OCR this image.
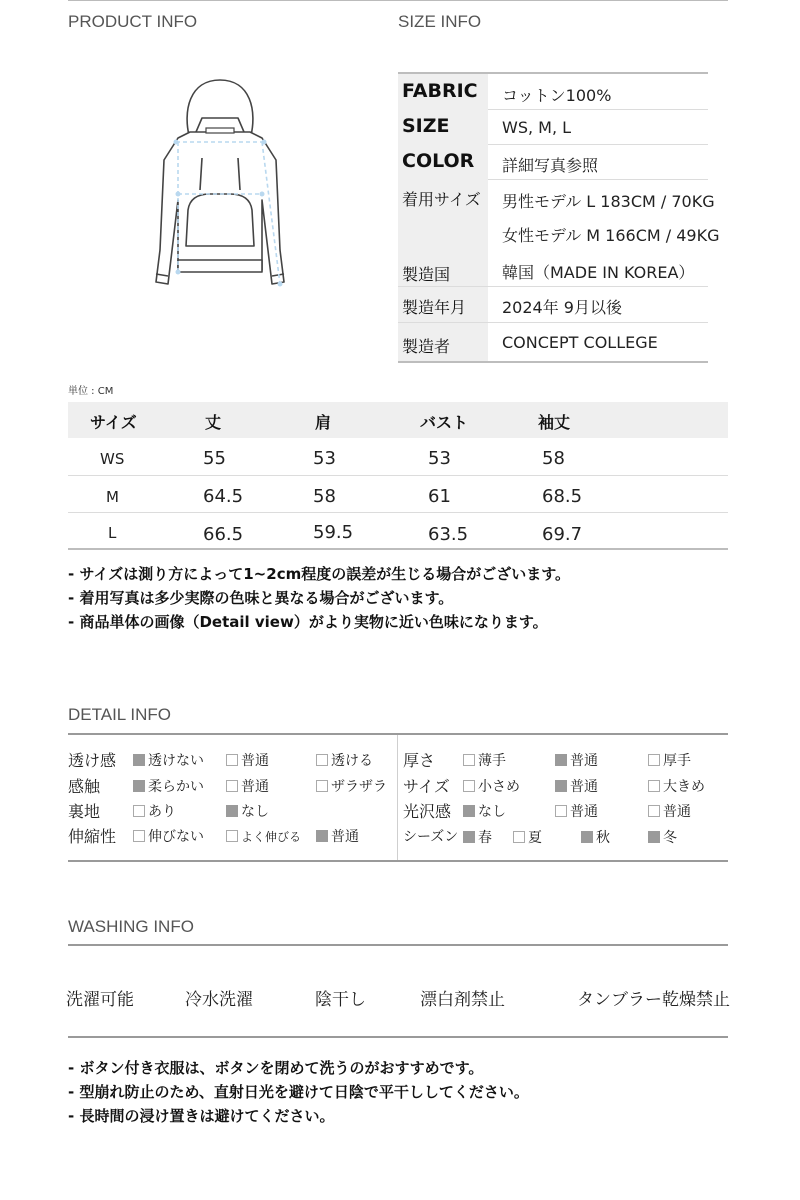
PRODUCT INFO	SIZE INFO
FABRIC コットン100%
SIZE	WS, M, L
COLOR 詳細写真参照
着用サイズ 男性モデル L 183CM / 70KG
女性モデル M 166CM / 49KG
製造国	韓国（MADE IN KOREA）
製造年月 2024年 9月以後
製造者	CONCEPT COLLEGE
単位 : CM
サイズ	丈	肩	バスト	袖丈
WS	55	53	53	58
M	64.5	58	61	68.5
L	66.5	59.5	63.5	69.7
- サイズは測り方によって1~2cm程度の誤差が生じる場合がございます。
- 着用写真は多少実際の色味と異なる場合がございます。
- 商品単体の画像（Detail view）がより実物に近い色味になります。
DETAIL INFO
透け感	透けない	普通	透ける
感触	柔らかい	普通	ザラザラ
裏地	あり	なし
伸縮性	伸びない	よく伸びる	普通
厚さ	薄手	普通	厚手
サイズ	小さめ	普通	大きめ
光沢感	なし	普通	普通
シーズン	春	夏	秋	冬
WASHING INFO
洗濯可能	冷水洗濯	陰干し	漂白剤禁止	タンブラー乾燥禁止
- ボタン付き衣服は、ボタンを閉めて洗うのがおすすめです。
- 型崩れ防止のため、直射日光を避けて日陰で平干ししてください。
- 長時間の浸け置きは避けてください。
